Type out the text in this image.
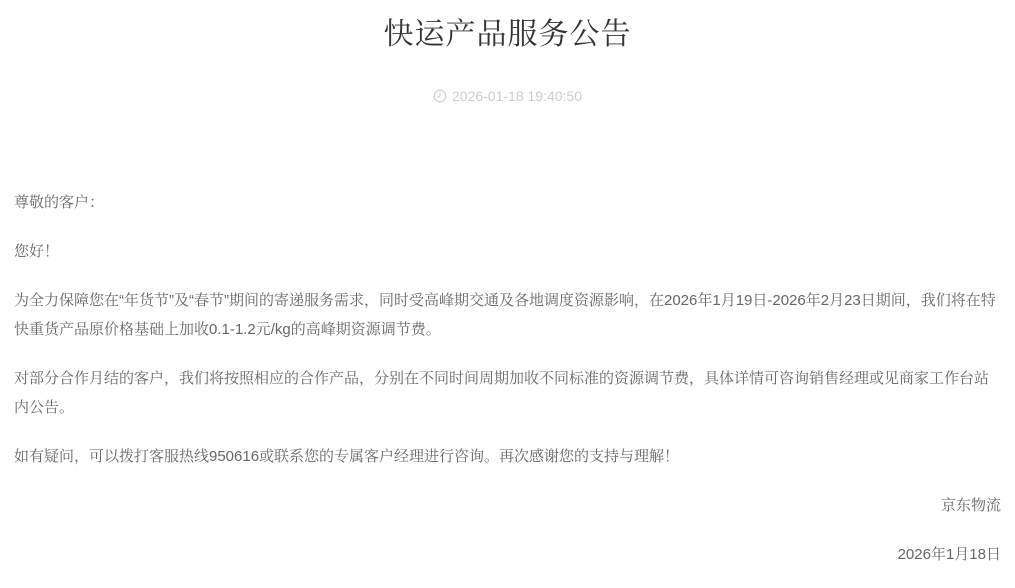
快运产品服务公告
2026-01-18 19:40:50

尊敬的客户：

您好！

为全力保障您在“年货节”及“春节”期间的寄递服务需求，同时受高峰期交通及各地调度资源影响，在2026年1月19日-2026年2月23日期间，我们将在特快重货产品原价格基础上加收0.1-1.2元/kg的高峰期资源调节费。

对部分合作月结的客户，我们将按照相应的合作产品，分别在不同时间周期加收不同标准的资源调节费，具体详情可咨询销售经理或见商家工作台站内公告。

如有疑问，可以拨打客服热线950616或联系您的专属客户经理进行咨询。再次感谢您的支持与理解！

京东物流

2026年1月18日
